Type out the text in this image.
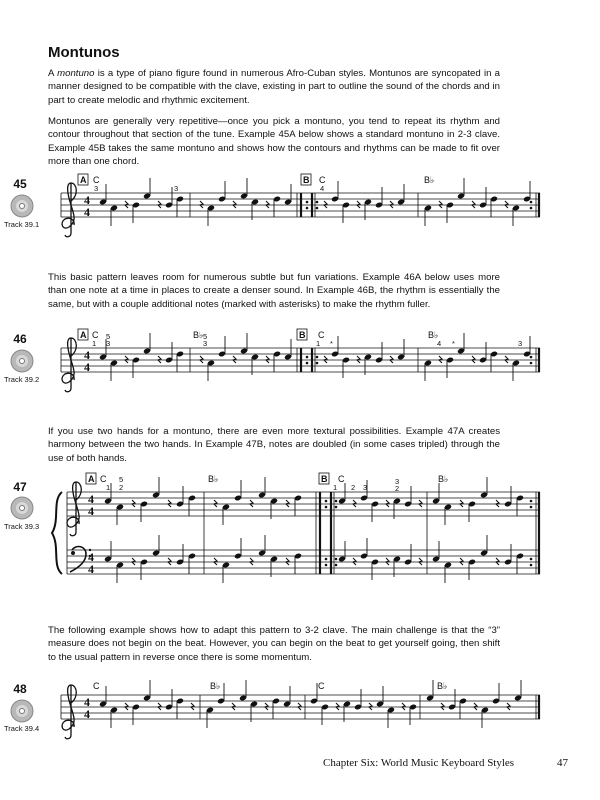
Montunos

A montuno is a type of piano figure found in numerous Afro-Cuban styles. Montunos are syncopated in a manner designed to be compatible with the clave, existing in part to outline the sound of the chords and in part to create melodic and rhythmic excitement.

Montunos are generally very repetitive—once you pick a montuno, you tend to repeat its rhythm and contour throughout that section of the tune. Example 45A below shows a standard montuno in 2-3 clave. Example 45B takes the same montuno and shows how the contours and rhythms can be made to fit over more than one chord.

This basic pattern leaves room for numerous subtle but fun variations. Example 46A below uses more than one note at a time in places to create a denser sound. In Example 46B, the rhythm is essentially the same, but with a couple additional notes (marked with asterisks) to make the rhythm fuller.

If you use two hands for a montuno, there are even more textural possibilities. Example 47A creates harmony between the two hands. In Example 47B, notes are doubled (in some cases tripled) through the use of both hands.

The following example shows how to adapt this pattern to 3-2 clave. The main challenge is that the “3” measure does not begin on the beat. However, you can begin on the beat to get yourself going, then shift to the usual pattern in reverse once there is some momentum.

45
Track 39.1
46
Track 39.2
47
Track 39.3
48
Track 39.4
4
4
4
4
4
4
4
4
4
4
A C	B C	B♭
A C	B♭	B C	B♭
A C	B♭	B C	B♭
C	B♭	C	B♭
3	3	4
1
5
3
5
3	1 *	4 *	3
1
5
2	1 2 3
3
2
Chapter Six: World Music Keyboard Styles	47
